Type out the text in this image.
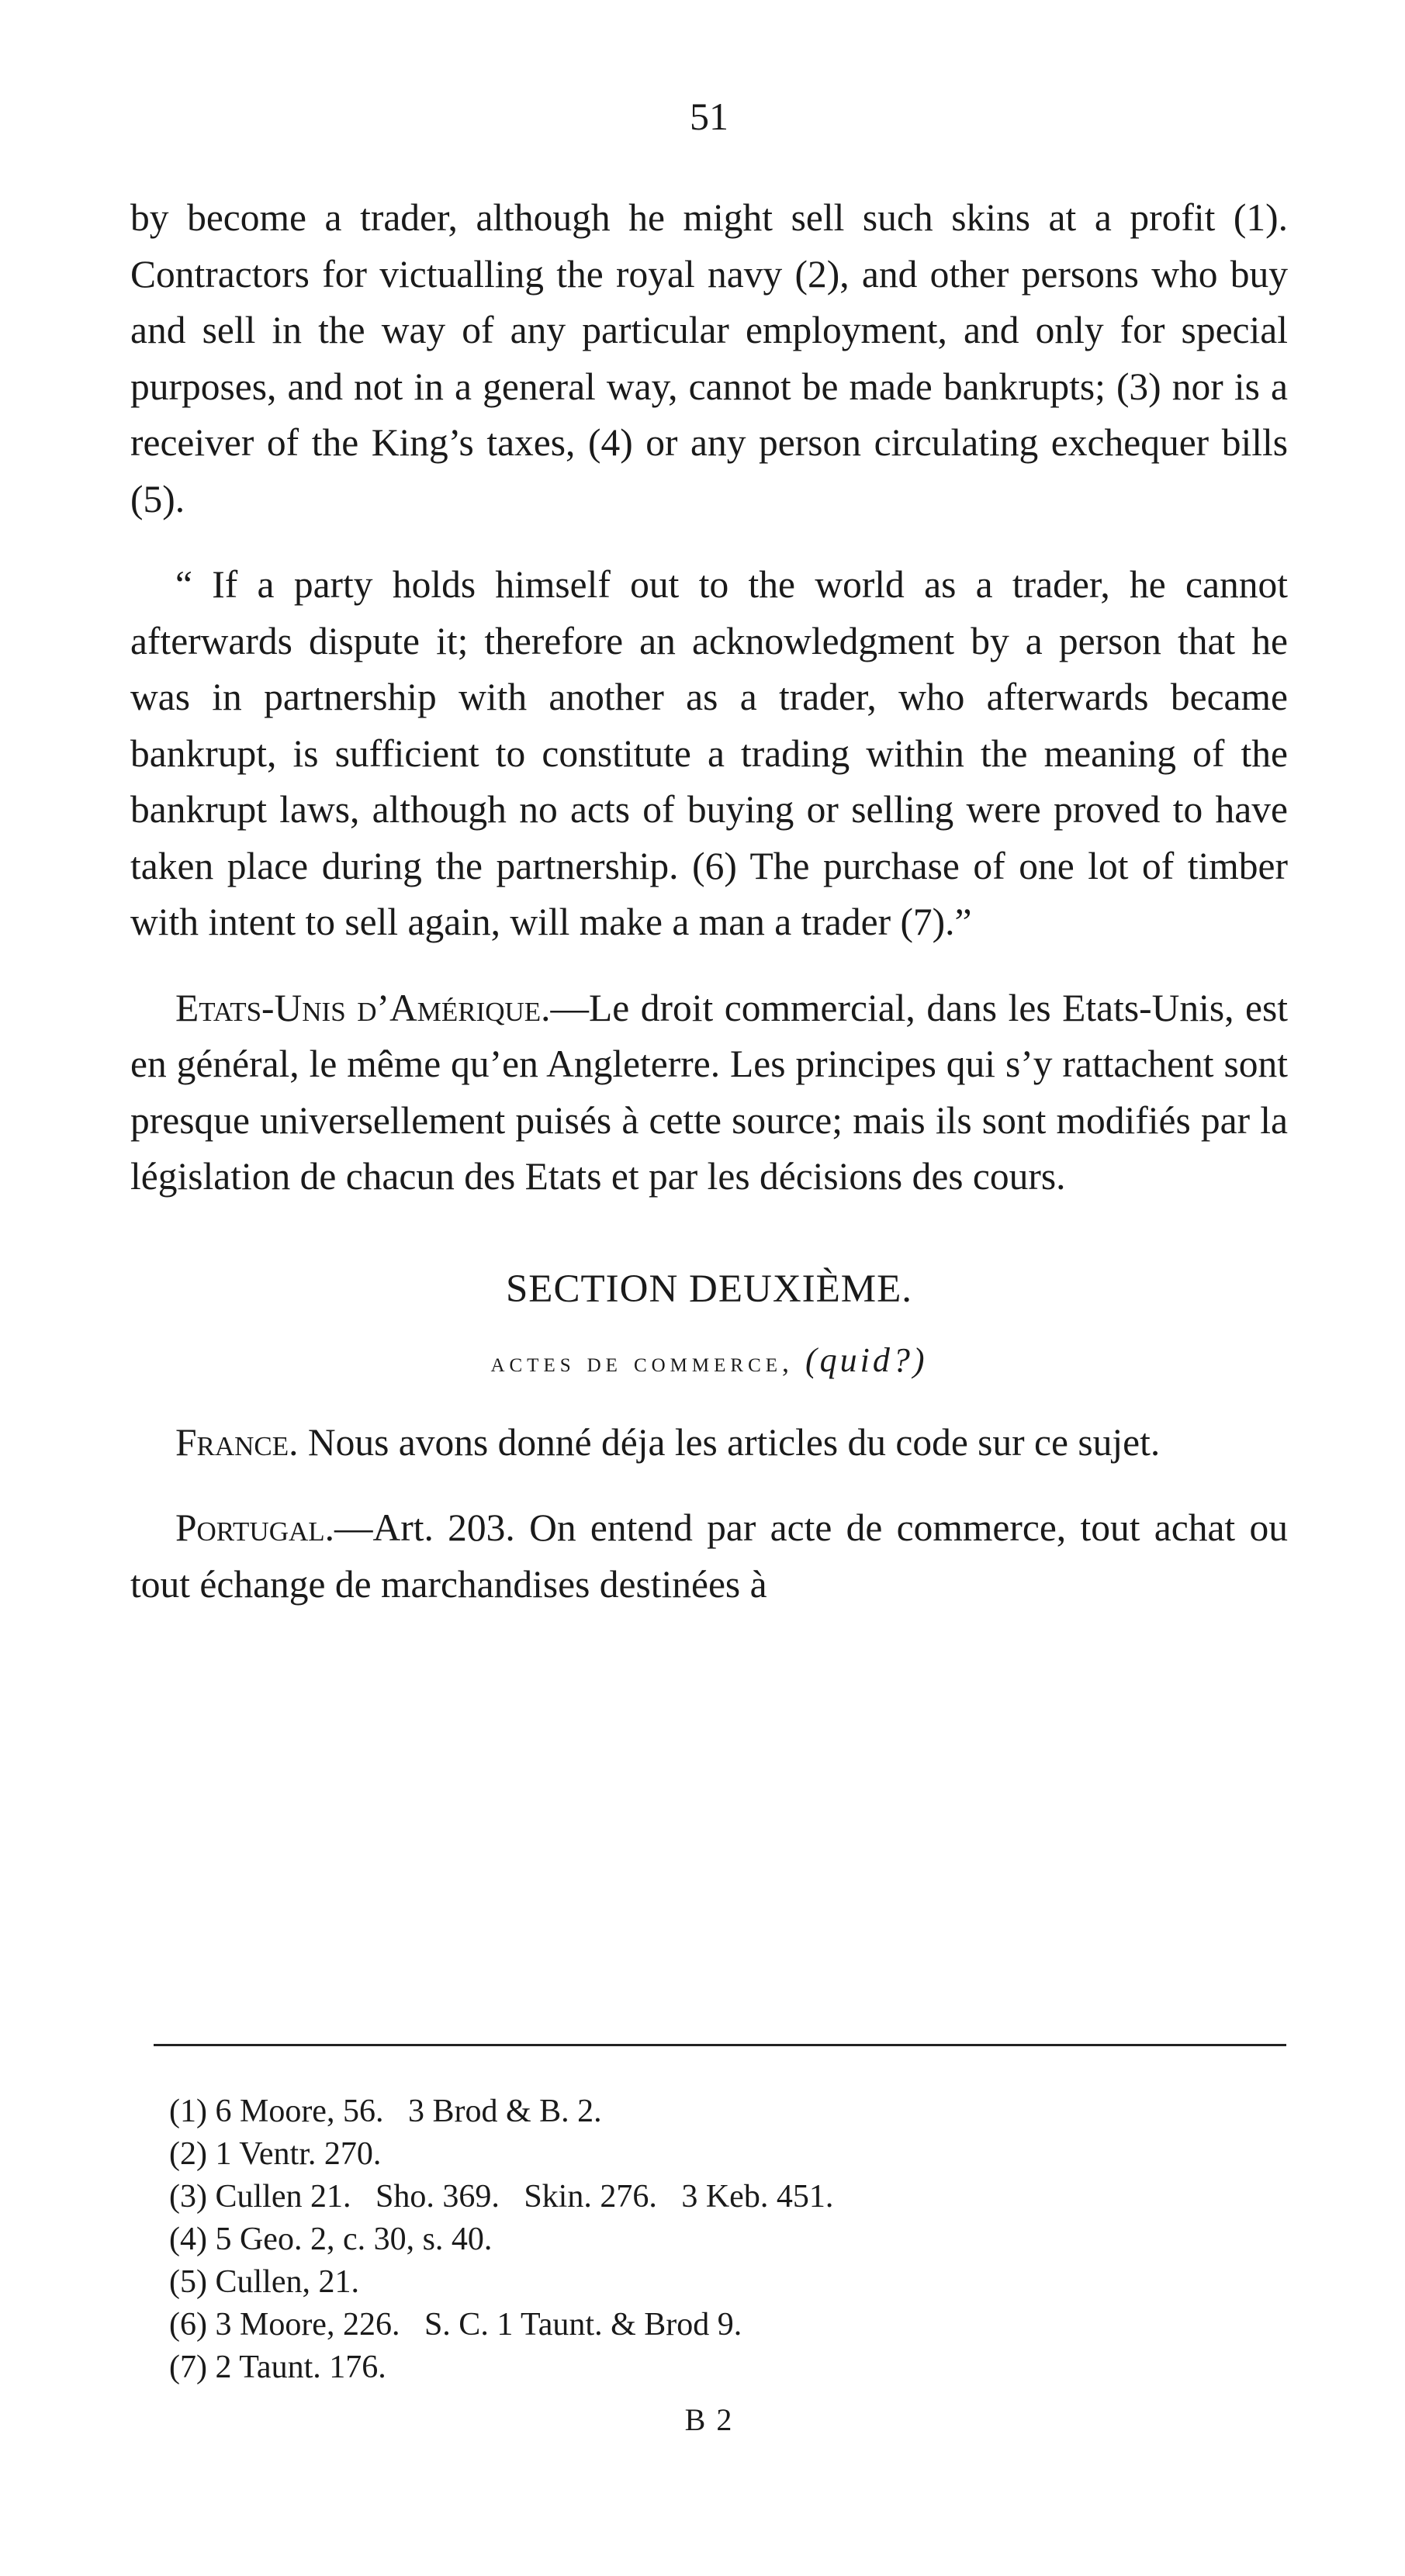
51

by become a trader, although he might sell such skins at a profit (1). Contractors for victualling the royal navy (2), and other persons who buy and sell in the way of any particular employment, and only for special purposes, and not in a general way, cannot be made bankrupts; (3) nor is a receiver of the King’s taxes, (4) or any person circulating exchequer bills (5).

“ If a party holds himself out to the world as a trader, he cannot afterwards dispute it; therefore an acknowledgment by a person that he was in partnership with another as a trader, who afterwards became bankrupt, is sufficient to constitute a trading within the meaning of the bankrupt laws, although no acts of buying or selling were proved to have taken place during the partnership. (6) The purchase of one lot of timber with intent to sell again, will make a man a trader (7).”

Etats-Unis d’Amérique.—Le droit commercial, dans les Etats-Unis, est en général, le même qu’en Angleterre. Les principes qui s’y rattachent sont presque universellement puisés à cette source; mais ils sont modifiés par la législation de chacun des Etats et par les décisions des cours.

SECTION DEUXIÈME.
actes de commerce, (quid?)

France. Nous avons donné déja les articles du code sur ce sujet.

Portugal.—Art. 203. On entend par acte de commerce, tout achat ou tout échange de marchandises destinées à

(1) 6 Moore, 56.   3 Brod & B. 2.
(2) 1 Ventr. 270.
(3) Cullen 21.   Sho. 369.   Skin. 276.   3 Keb. 451.
(4) 5 Geo. 2, c. 30, s. 40.
(5) Cullen, 21.
(6) 3 Moore, 226.   S. C. 1 Taunt. & Brod 9.
(7) 2 Taunt. 176.
B 2
